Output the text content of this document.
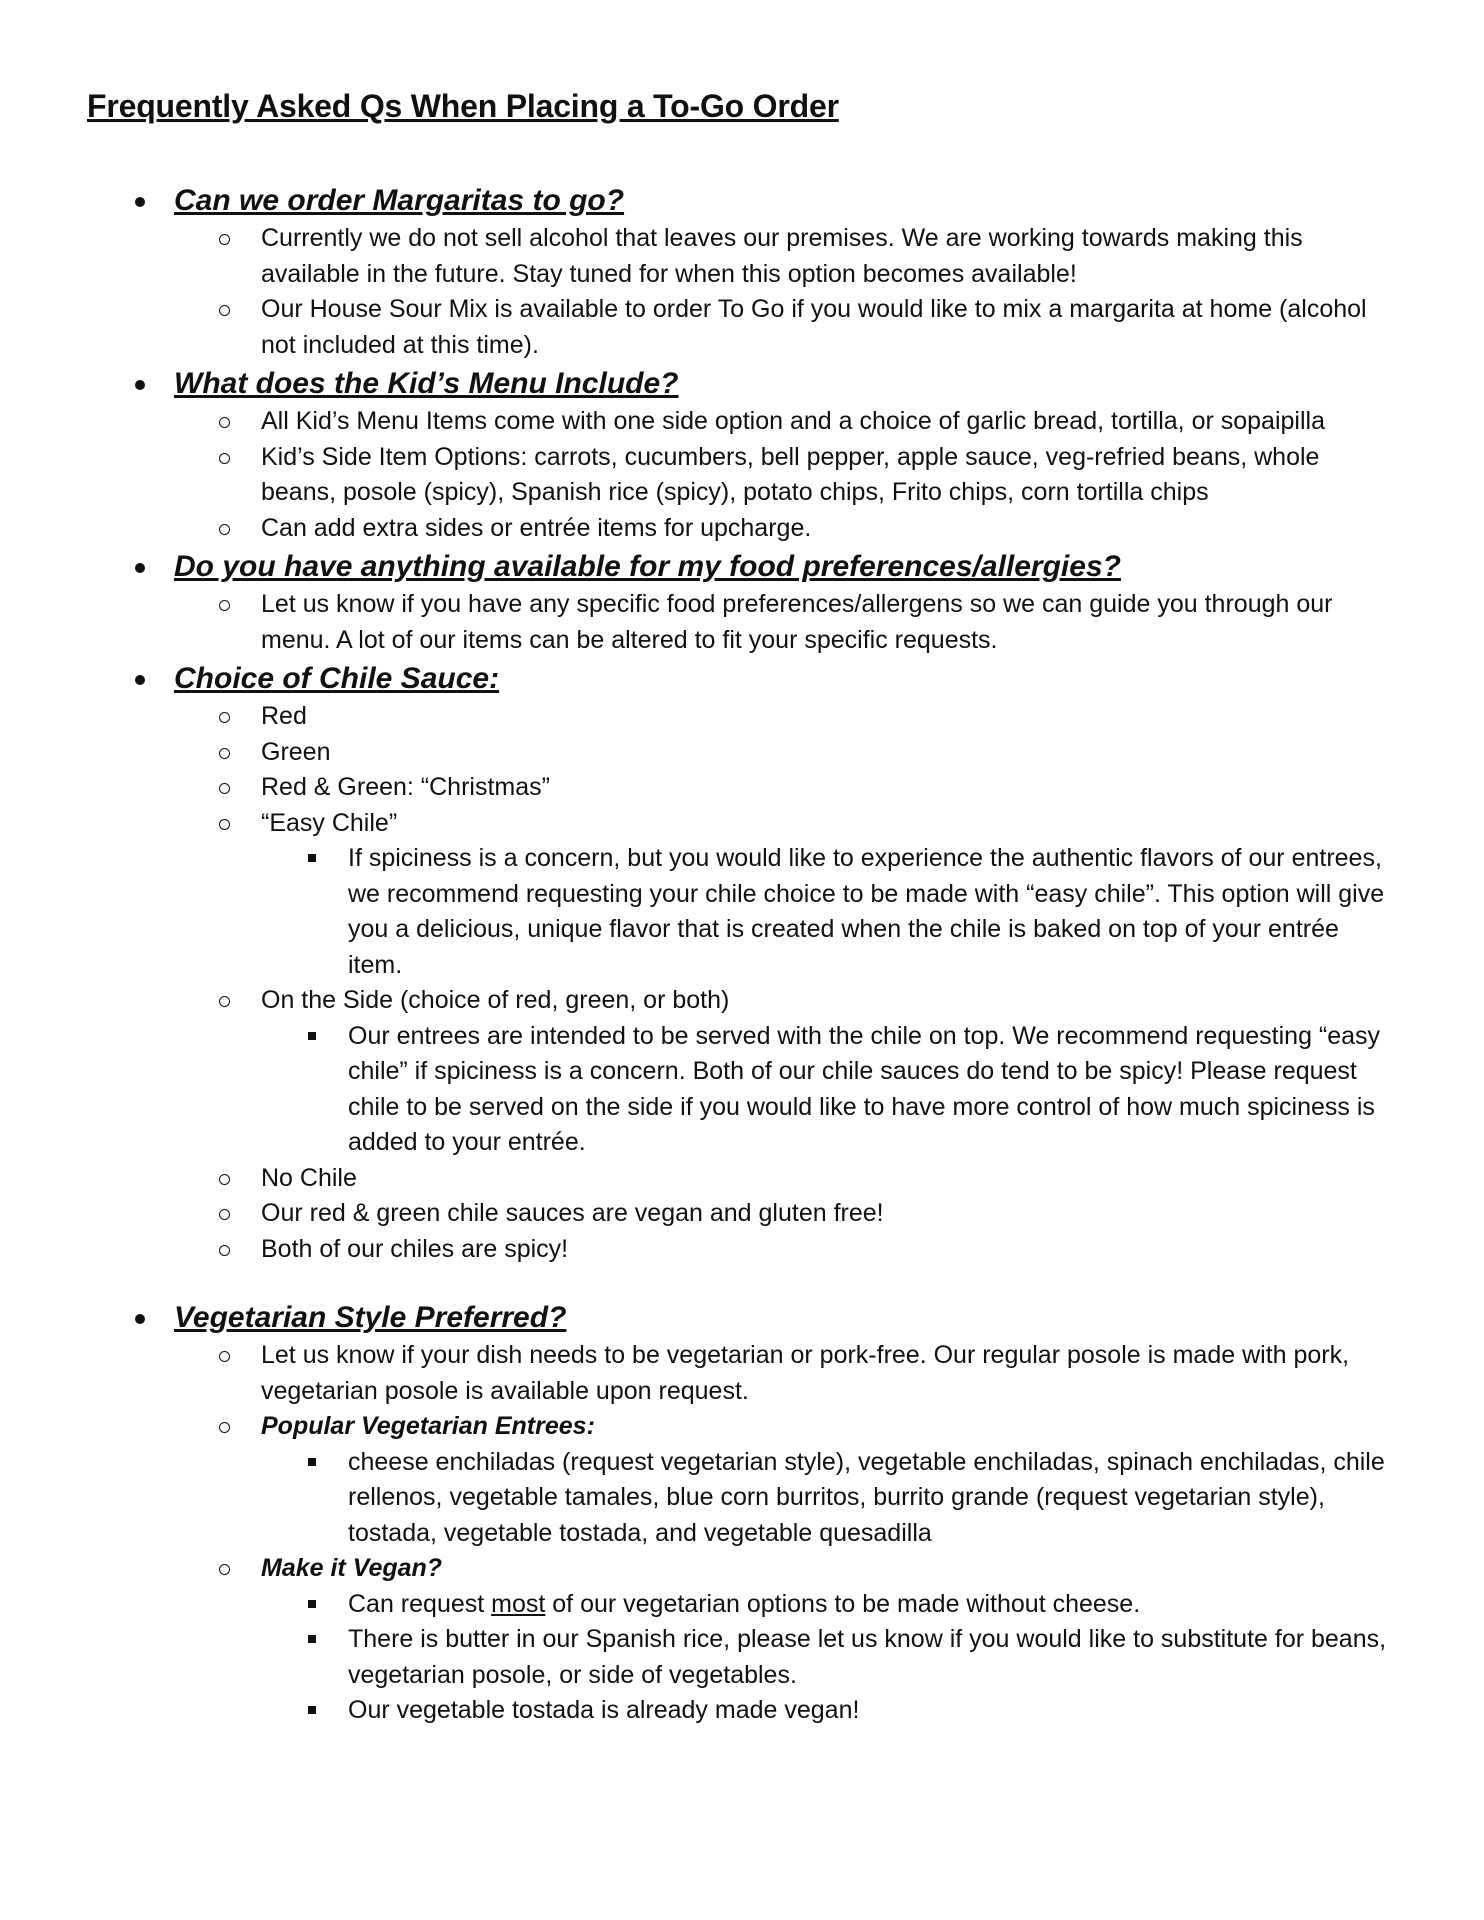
Frequently Asked Qs When Placing a To-Go Order
Can we order Margaritas to go?
Currently we do not sell alcohol that leaves our premises. We are working towards making this available in the future. Stay tuned for when this option becomes available!
Our House Sour Mix is available to order To Go if you would like to mix a margarita at home (alcohol not included at this time).
What does the Kid’s Menu Include?
All Kid’s Menu Items come with one side option and a choice of garlic bread, tortilla, or sopaipilla
Kid’s Side Item Options: carrots, cucumbers, bell pepper, apple sauce, veg-refried beans, whole beans, posole (spicy), Spanish rice (spicy), potato chips, Frito chips, corn tortilla chips
Can add extra sides or entrée items for upcharge.
Do you have anything available for my food preferences/allergies?
Let us know if you have any specific food preferences/allergens so we can guide you through our menu. A lot of our items can be altered to fit your specific requests.
Choice of Chile Sauce:
Red
Green
Red & Green: “Christmas”
“Easy Chile”
If spiciness is a concern, but you would like to experience the authentic flavors of our entrees, we recommend requesting your chile choice to be made with “easy chile”. This option will give you a delicious, unique flavor that is created when the chile is baked on top of your entrée item.
On the Side (choice of red, green, or both)
Our entrees are intended to be served with the chile on top. We recommend requesting “easy chile” if spiciness is a concern. Both of our chile sauces do tend to be spicy! Please request chile to be served on the side if you would like to have more control of how much spiciness is added to your entrée.
No Chile
Our red & green chile sauces are vegan and gluten free!
Both of our chiles are spicy!
Vegetarian Style Preferred?
Let us know if your dish needs to be vegetarian or pork-free. Our regular posole is made with pork, vegetarian posole is available upon request.
Popular Vegetarian Entrees:
cheese enchiladas (request vegetarian style), vegetable enchiladas, spinach enchiladas, chile rellenos, vegetable tamales, blue corn burritos, burrito grande (request vegetarian style), tostada, vegetable tostada, and vegetable quesadilla
Make it Vegan?
Can request most of our vegetarian options to be made without cheese.
There is butter in our Spanish rice, please let us know if you would like to substitute for beans, vegetarian posole, or side of vegetables.
Our vegetable tostada is already made vegan!
